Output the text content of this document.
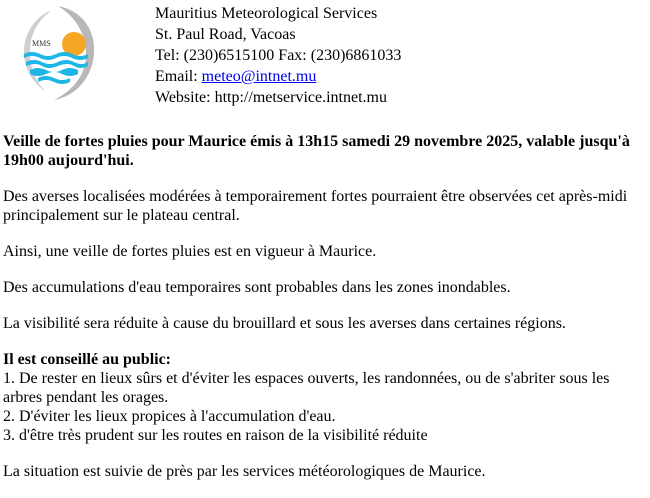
MMS
Mauritius Meteorological Services
St. Paul Road, Vacoas
Tel: (230)6515100 Fax: (230)6861033
Email: meteo@intnet.mu
Website: http://metservice.intnet.mu

Veille de fortes pluies pour Maurice émis à 13h15 samedi 29 novembre 2025, valable jusqu'à 19h00 aujourd'hui.

Des averses localisées modérées à temporairement fortes pourraient être observées cet après-midi principalement sur le plateau central.

Ainsi, une veille de fortes pluies est en vigueur à Maurice.

Des accumulations d'eau temporaires sont probables dans les zones inondables.

La visibilité sera réduite à cause du brouillard et sous les averses dans certaines régions.

Il est conseillé au public:

1. De rester en lieux sûrs et d'éviter les espaces ouverts, les randonnées, ou de s'abriter sous les arbres pendant les orages.

2. D'éviter les lieux propices à l'accumulation d'eau.

3. d'être très prudent sur les routes en raison de la visibilité réduite

La situation est suivie de près par les services météorologiques de Maurice.
